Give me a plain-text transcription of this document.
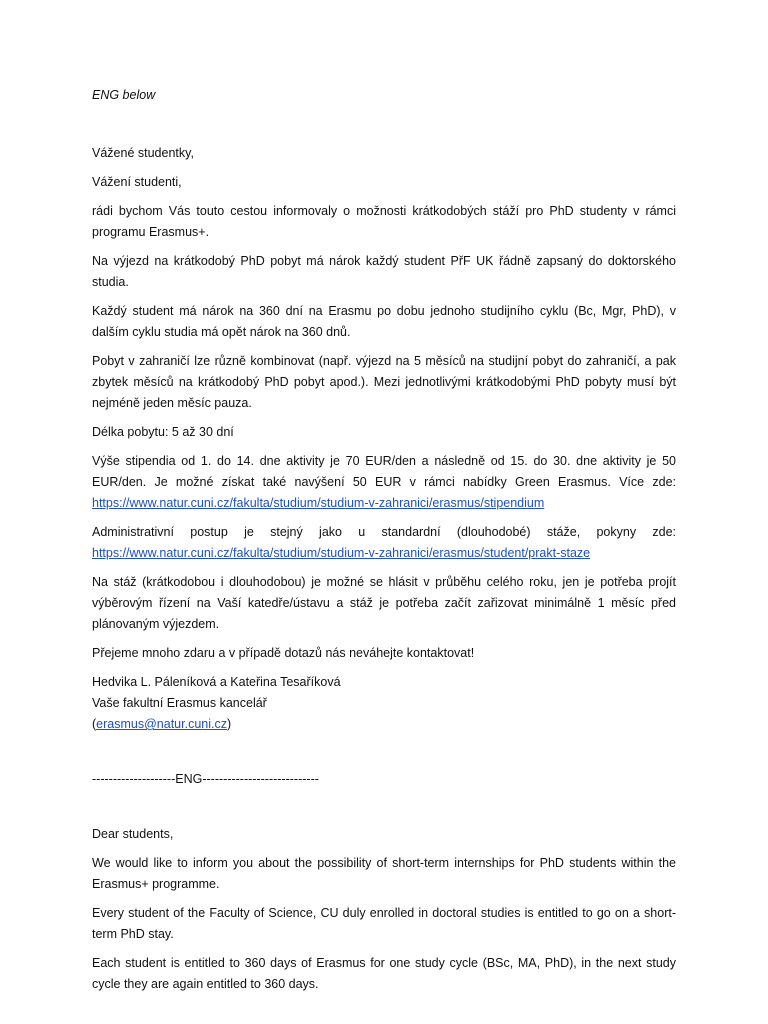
ENG below

Vážené studentky,

Vážení studenti,

rádi bychom Vás touto cestou informovaly o možnosti krátkodobých stáží pro PhD studenty v rámci programu Erasmus+.

Na výjezd na krátkodobý PhD pobyt má nárok každý student PřF UK řádně zapsaný do doktorského studia.

Každý student má nárok na 360 dní na Erasmu po dobu jednoho studijního cyklu (Bc, Mgr, PhD), v dalším cyklu studia má opět nárok na 360 dnů.

Pobyt v zahraničí lze různě kombinovat (např. výjezd na 5 měsíců na studijní pobyt do zahraničí, a pak zbytek měsíců na krátkodobý PhD pobyt apod.). Mezi jednotlivými krátkodobými PhD pobyty musí být nejméně jeden měsíc pauza.

Délka pobytu: 5 až 30 dní

Výše stipendia od 1. do 14. dne aktivity je 70 EUR/den a následně od 15. do 30. dne aktivity je 50 EUR/den. Je možné získat také navýšení 50 EUR v rámci nabídky Green Erasmus. Více zde: https://www.natur.cuni.cz/fakulta/studium/studium-v-zahranici/erasmus/stipendium

Administrativní postup je stejný jako u standardní (dlouhodobé) stáže, pokyny zde: https://www.natur.cuni.cz/fakulta/studium/studium-v-zahranici/erasmus/student/prakt-staze

Na stáž (krátkodobou i dlouhodobou) je možné se hlásit v průběhu celého roku, jen je potřeba projít výběrovým řízení na Vaší katedře/ústavu a stáž je potřeba začít zařizovat minimálně 1 měsíc před plánovaným výjezdem.

Přejeme mnoho zdaru a v případě dotazů nás neváhejte kontaktovat!

Hedvika L. Páleníková a Kateřina Tesaříková
Vaše fakultní Erasmus kancelář
(erasmus@natur.cuni.cz)

--------------------ENG----------------------------

Dear students,

We would like to inform you about the possibility of short-term internships for PhD students within the Erasmus+ programme.

Every student of the Faculty of Science, CU duly enrolled in doctoral studies is entitled to go on a short-term PhD stay.

Each student is entitled to 360 days of Erasmus for one study cycle (BSc, MA, PhD), in the next study cycle they are again entitled to 360 days.
